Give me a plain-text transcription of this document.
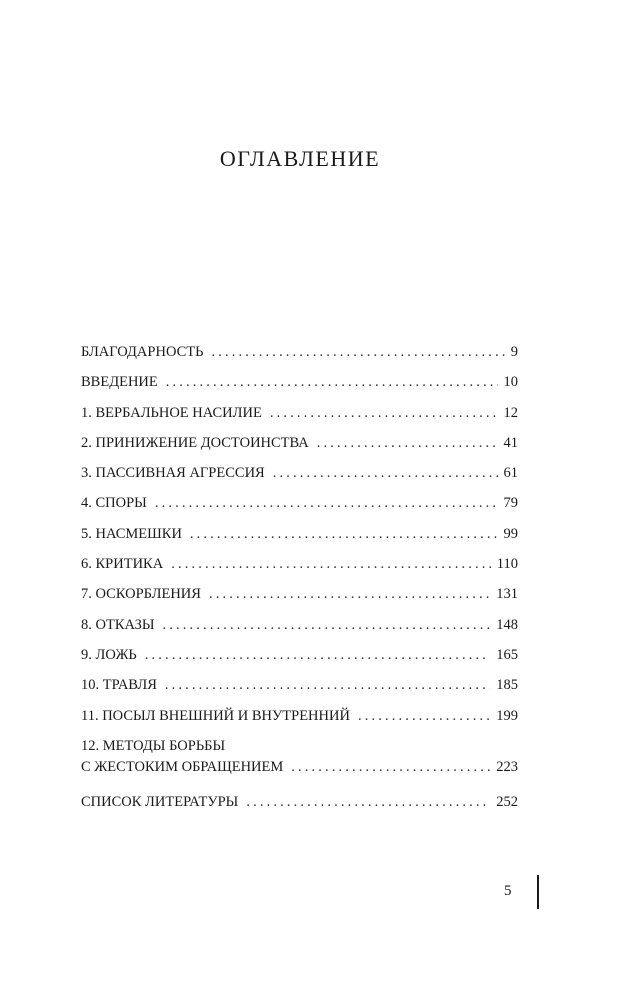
ОГЛАВЛЕНИЕ
БЛАГОДАРНОСТЬ . . .	9
ВВЕДЕНИЕ . . .	10
1. ВЕРБАЛЬНОЕ НАСИЛИЕ . . .	12
2. ПРИНИЖЕНИЕ ДОСТОИНСТВА . . .	41
3. ПАССИВНАЯ АГРЕССИЯ . . .	61
4. СПОРЫ . . .	79
5. НАСМЕШКИ . . .	99
6. КРИТИКА . . .	110
7. ОСКОРБЛЕНИЯ . . .	131
8. ОТКАЗЫ . . .	148
9. ЛОЖЬ . . .	165
10. ТРАВЛЯ . . .	185
11. ПОСЫЛ ВНЕШНИЙ И ВНУТРЕННИЙ . . .	199
12. МЕТОДЫ БОРЬБЫ
С ЖЕСТОКИМ ОБРАЩЕНИЕМ . . .	223
СПИСОК ЛИТЕРАТУРЫ . . .	252
5
